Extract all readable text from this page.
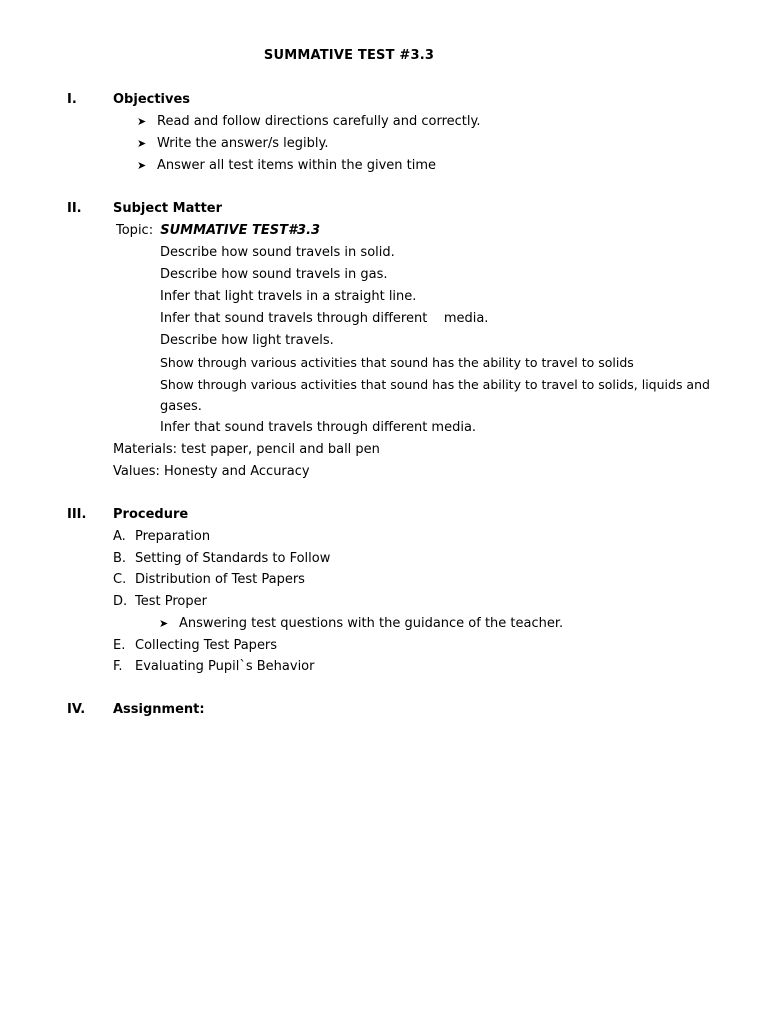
SUMMATIVE TEST #3.3
I.	Objectives
➤ Read and follow directions carefully and correctly.
➤ Write the answer/s legibly.
➤ Answer all test items within the given time
II. Subject Matter
Topic: SUMMATIVE TEST#3.3
Describe how sound travels in solid.
Describe how sound travels in gas.
Infer that light travels in a straight line.
Infer that sound travels through different    media.
Describe how light travels.
Show through various activities that sound has the ability to travel to solids
Show through various activities that sound has the ability to travel to solids, liquids and
gases.
Infer that sound travels through different media.
Materials: test paper, pencil and ball pen
Values: Honesty and Accuracy
III. Procedure
A. Preparation
B. Setting of Standards to Follow
C. Distribution of Test Papers
D. Test Proper
➤ Answering test questions with the guidance of the teacher.
E. Collecting Test Papers
F. Evaluating Pupil`s Behavior
IV. Assignment:
